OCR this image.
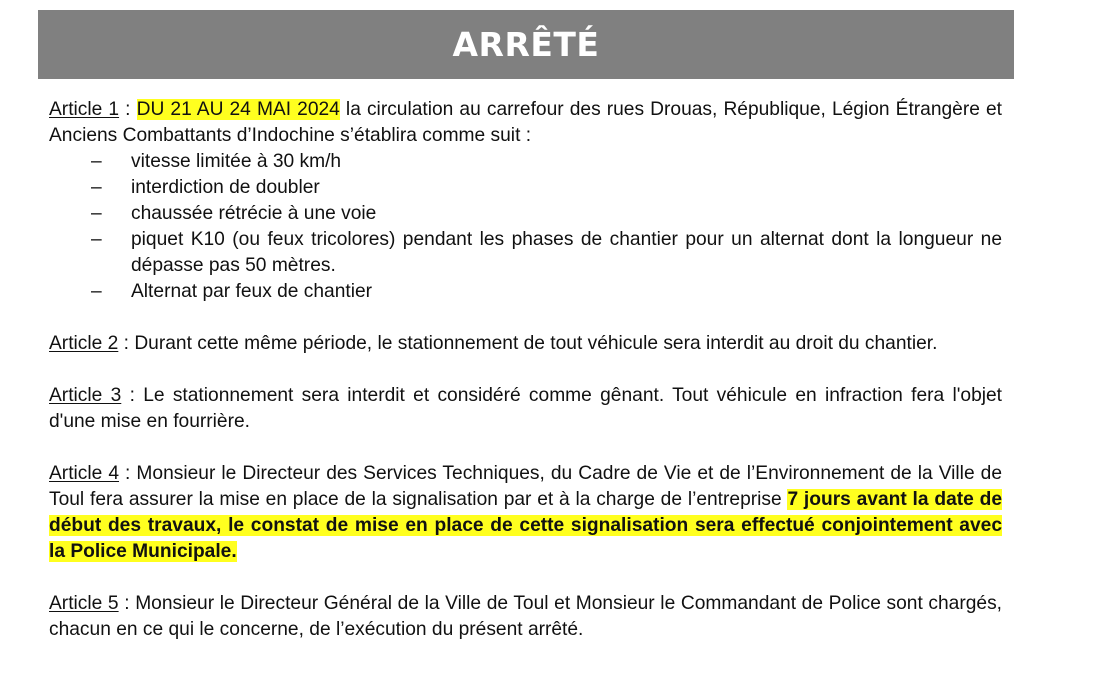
ARRÊTÉ

Article 1 : DU 21 AU 24 MAI 2024 la circulation au carrefour des rues Drouas, République, Légion Étrangère et Anciens Combattants d’Indochine s’établira comme suit :

– vitesse limitée à 30 km/h
– interdiction de doubler
– chaussée rétrécie à une voie
– piquet K10 (ou feux tricolores) pendant les phases de chantier pour un alternat dont la longueur ne dépasse pas 50 mètres.
– Alternat par feux de chantier

Article 2 : Durant cette même période, le stationnement de tout véhicule sera interdit au droit du chantier.

Article 3 : Le stationnement sera interdit et considéré comme gênant. Tout véhicule en infraction fera l'objet d'une mise en fourrière.

Article 4 : Monsieur le Directeur des Services Techniques, du Cadre de Vie et de l’Environnement de la Ville de Toul fera assurer la mise en place de la signalisation par et à la charge de l’entreprise 7 jours avant la date de début des travaux, le constat de mise en place de cette signalisation sera effectué conjointement avec la Police Municipale.

Article 5 : Monsieur le Directeur Général de la Ville de Toul et Monsieur le Commandant de Police sont chargés, chacun en ce qui le concerne, de l’exécution du présent arrêté.
